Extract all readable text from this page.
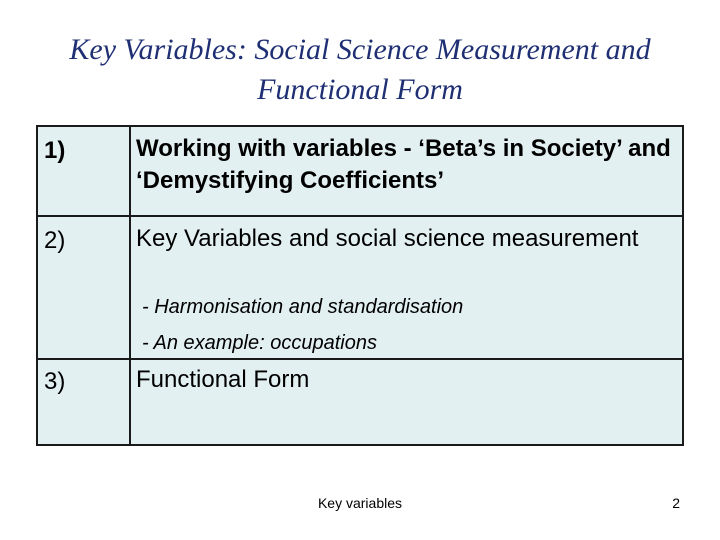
Key Variables: Social Science Measurement and
Functional Form
1)	Working with variables - ‘Beta’s in Society’ and ‘Demystifying Coefficients’
2)	Key Variables and social science measurement
- Harmonisation and standardisation
- An example: occupations
3)	Functional Form
Key variables	2
